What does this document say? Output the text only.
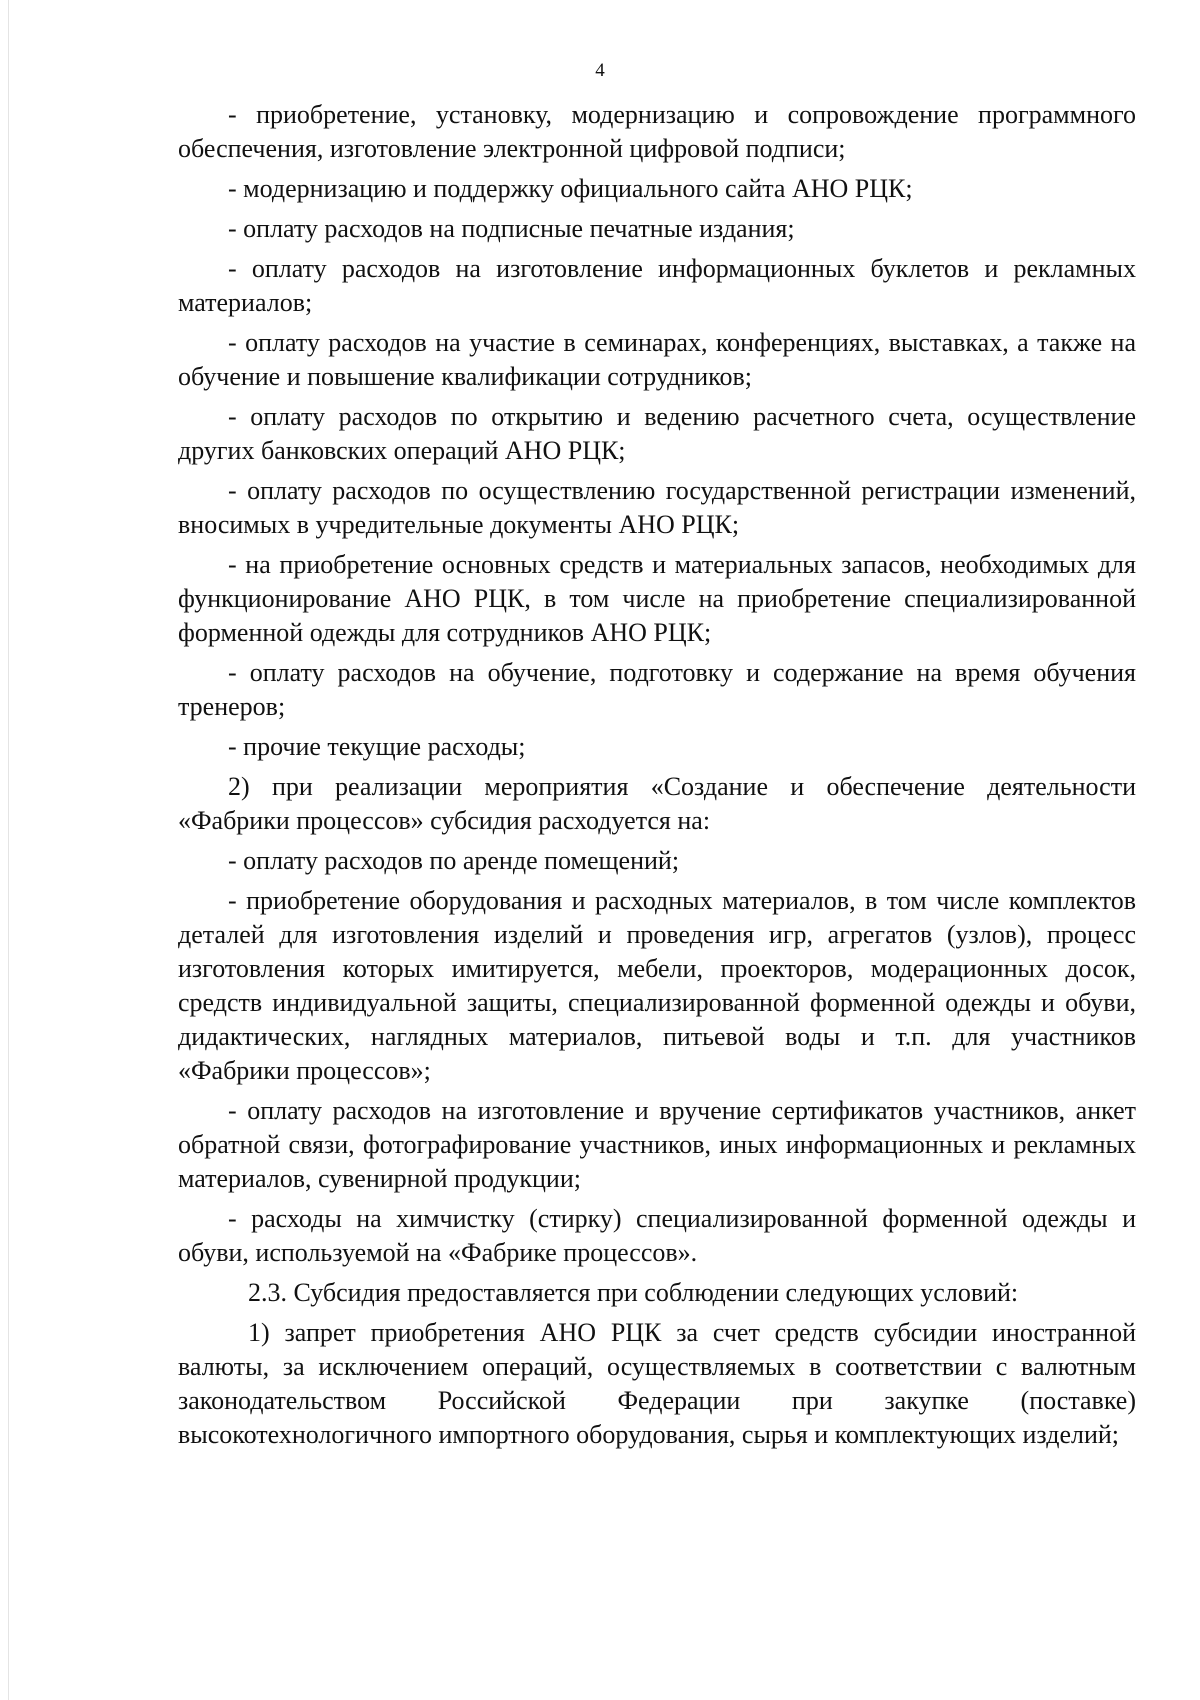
4

- приобретение, установку, модернизацию и сопровождение программного обеспечения, изготовление электронной цифровой подписи;

- модернизацию и поддержку официального сайта АНО РЦК;

- оплату расходов на подписные печатные издания;

- оплату расходов на изготовление информационных буклетов и рекламных материалов;

- оплату расходов на участие в семинарах, конференциях, выставках, а также на обучение и повышение квалификации сотрудников;

- оплату расходов по открытию и ведению расчетного счета, осуществление других банковских операций АНО РЦК;

- оплату расходов по осуществлению государственной регистрации изменений, вносимых в учредительные документы АНО РЦК;

- на приобретение основных средств и материальных запасов, необходимых для функционирование АНО РЦК, в том числе на приобретение специализированной форменной одежды для сотрудников АНО РЦК;

- оплату расходов на обучение, подготовку и содержание на время обучения тренеров;

- прочие текущие расходы;

2) при реализации мероприятия «Создание и обеспечение деятельности «Фабрики процессов» субсидия расходуется на:

- оплату расходов по аренде помещений;

- приобретение оборудования и расходных материалов, в том числе комплектов деталей для изготовления изделий и проведения игр, агрегатов (узлов), процесс изготовления которых имитируется, мебели, проекторов, модерационных досок, средств индивидуальной защиты, специализированной форменной одежды и обуви, дидактических, наглядных материалов, питьевой воды и т.п. для участников «Фабрики процессов»;

- оплату расходов на изготовление и вручение сертификатов участников, анкет обратной связи, фотографирование участников, иных информационных и рекламных материалов, сувенирной продукции;

- расходы на химчистку (стирку) специализированной форменной одежды и обуви, используемой на «Фабрике процессов».

2.3. Субсидия предоставляется при соблюдении следующих условий:

1) запрет приобретения АНО РЦК за счет средств субсидии иностранной валюты, за исключением операций, осуществляемых в соответствии с валютным законодательством Российской Федерации при закупке (поставке) высокотехнологичного импортного оборудования, сырья и комплектующих изделий;
